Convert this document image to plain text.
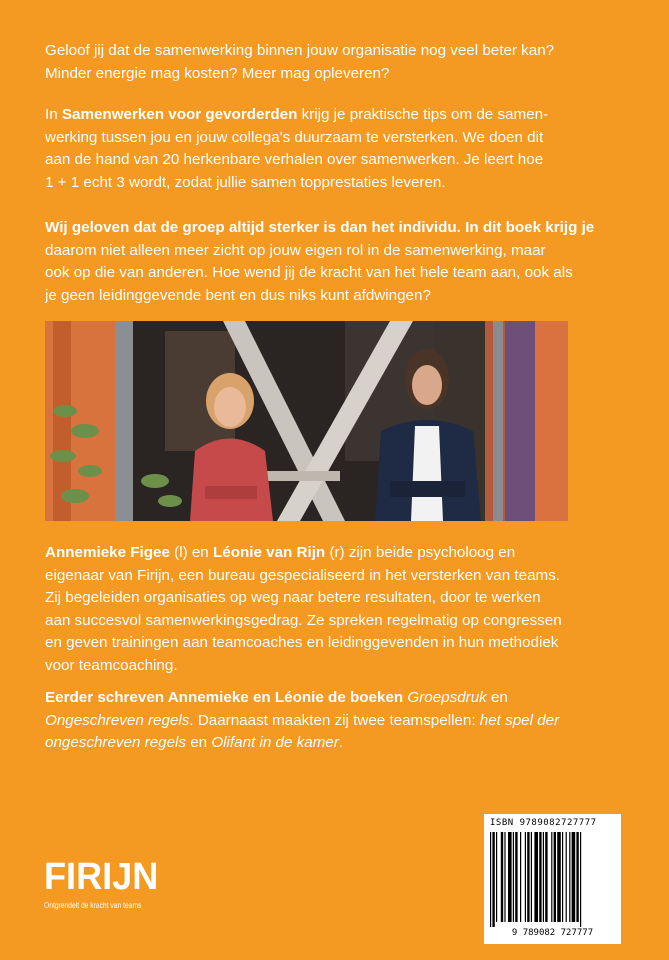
Geloof jij dat de samenwerking binnen jouw organisatie nog veel beter kan?
Minder energie mag kosten? Meer mag opleveren?

In Samenwerken voor gevorderden krijg je praktische tips om de samen-
werking tussen jou en jouw collega's duurzaam te versterken. We doen dit
aan de hand van 20 herkenbare verhalen over samenwerken. Je leert hoe
1 + 1 echt 3 wordt, zodat jullie samen topprestaties leveren.

Wij geloven dat de groep altijd sterker is dan het individu. In dit boek krijg je
daarom niet alleen meer zicht op jouw eigen rol in de samenwerking, maar
ook op die van anderen. Hoe wend jij de kracht van het hele team aan, ook als
je geen leidinggevende bent en dus niks kunt afdwingen?

Annemieke Figee (l) en Léonie van Rijn (r) zijn beide psycholoog en
eigenaar van Firijn, een bureau gespecialiseerd in het versterken van teams.
Zij begeleiden organisaties op weg naar betere resultaten, door te werken
aan succesvol samenwerkingsgedrag. Ze spreken regelmatig op congressen
en geven trainingen aan teamcoaches en leidinggevenden in hun methodiek
voor teamcoaching.

Eerder schreven Annemieke en Léonie de boeken Groepsdruk en
Ongeschreven regels. Daarnaast maakten zij twee teamspellen: het spel der
ongeschreven regels en Olifant in de kamer.

FIRIJN
Ontgrendelt de kracht van teams
ISBN 9789082727777
9 789082 727777
